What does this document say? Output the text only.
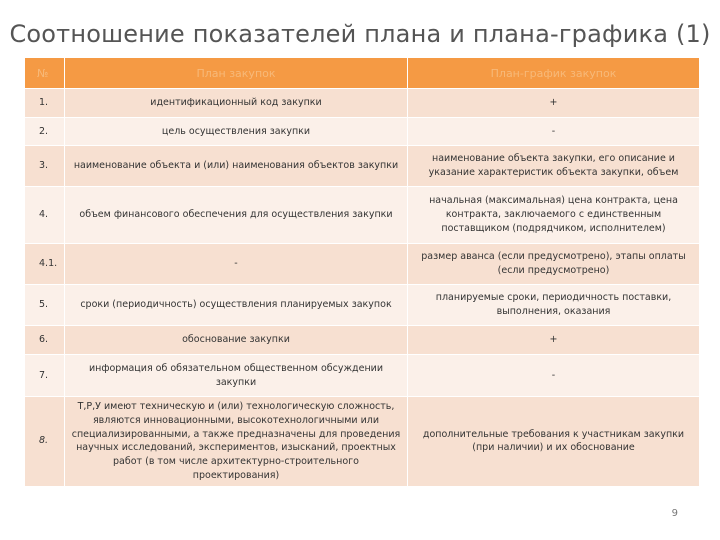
Соотношение показателей плана и плана-графика (1)
№	План закупок	План-график закупок
1.	идентификационный код закупки	+
2.	цель осуществления закупки	-
3.	наименование объекта и (или) наименования объектов закупки	наименование объекта закупки, его описание и указание характеристик объекта закупки, объем
4.	объем финансового обеспечения для осуществления закупки	начальная (максимальная) цена контракта, цена контракта, заключаемого с единственным поставщиком (подрядчиком, исполнителем)
4.1.	-	размер аванса (если предусмотрено), этапы оплаты (если предусмотрено)
5.	сроки (периодичность) осуществления планируемых закупок	планируемые сроки, периодичность поставки, выполнения, оказания
6.	обоснование закупки	+
7.	информация об обязательном общественном обсуждении закупки	-
8.	Т,Р,У имеют техническую и (или) технологическую сложность, являются инновационными, высокотехнологичными или специализированными, а также предназначены для проведения научных исследований, экспериментов, изысканий, проектных работ (в том числе архитектурно-строительного проектирования)	дополнительные требования к участникам закупки (при наличии) и их обоснование
9
